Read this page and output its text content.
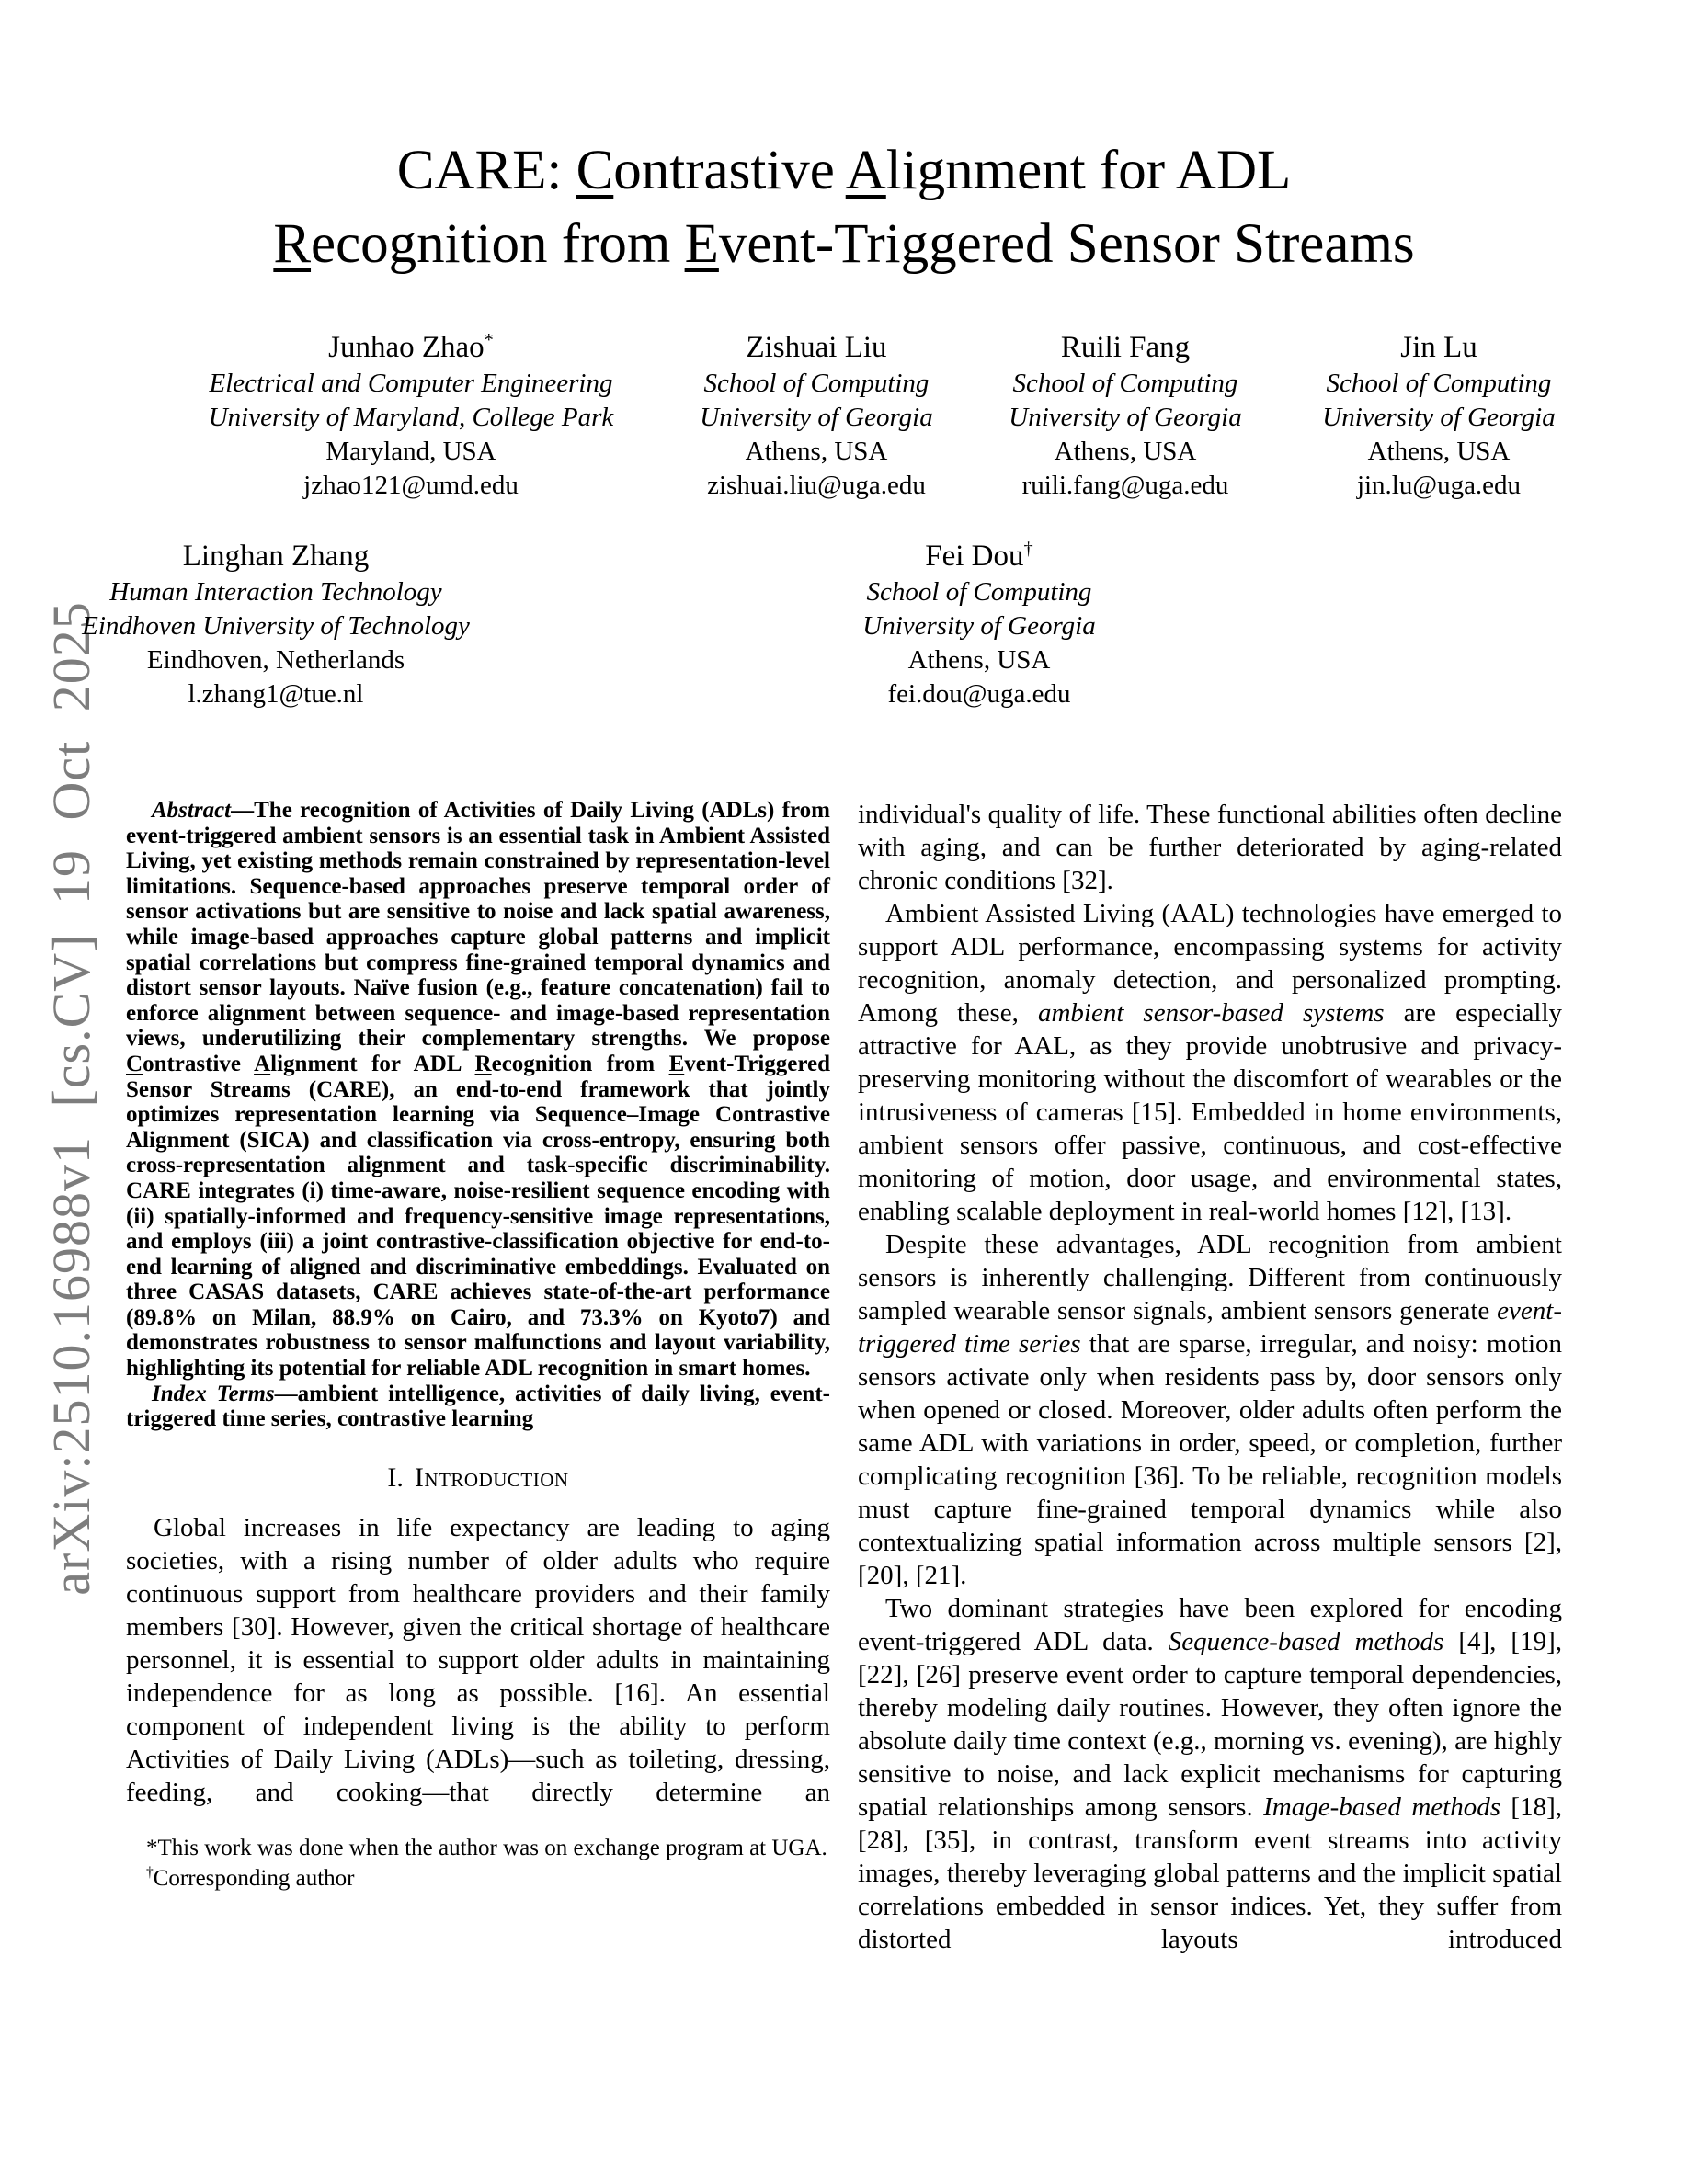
arXiv:2510.16988v1 [cs.CV] 19 Oct 2025
CARE: Contrastive Alignment for ADL
Recognition from Event-Triggered Sensor Streams
Junhao Zhao*
Electrical and Computer Engineering
University of Maryland, College Park
Maryland, USA
jzhao121@umd.edu
Zishuai Liu
School of Computing
University of Georgia
Athens, USA
zishuai.liu@uga.edu
Ruili Fang
School of Computing
University of Georgia
Athens, USA
ruili.fang@uga.edu
Jin Lu
School of Computing
University of Georgia
Athens, USA
jin.lu@uga.edu
Linghan Zhang
Human Interaction Technology
Eindhoven University of Technology
Eindhoven, Netherlands
l.zhang1@tue.nl
Fei Dou†
School of Computing
University of Georgia
Athens, USA
fei.dou@uga.edu

Abstract—The recognition of Activities of Daily Living (ADLs) from event-triggered ambient sensors is an essential task in Ambient Assisted Living, yet existing methods remain constrained by representation-level limitations. Sequence-based approaches preserve temporal order of sensor activations but are sensitive to noise and lack spatial awareness, while image-based approaches capture global patterns and implicit spatial correlations but compress fine-grained temporal dynamics and distort sensor layouts. Naïve fusion (e.g., feature concatenation) fail to enforce alignment between sequence- and image-based representation views, underutilizing their complementary strengths. We propose Contrastive Alignment for ADL Recognition from Event-Triggered Sensor Streams (CARE), an end-to-end framework that jointly optimizes representation learning via Sequence–Image Contrastive Alignment (SICA) and classification via cross-entropy, ensuring both cross-representation alignment and task-specific discriminability. CARE integrates (i) time-aware, noise-resilient sequence encoding with (ii) spatially-informed and frequency-sensitive image representations, and employs (iii) a joint contrastive-classification objective for end-to-end learning of aligned and discriminative embeddings. Evaluated on three CASAS datasets, CARE achieves state-of-the-art performance (89.8% on Milan, 88.9% on Cairo, and 73.3% on Kyoto7) and demonstrates robustness to sensor malfunctions and layout variability, highlighting its potential for reliable ADL recognition in smart homes.

Index Terms—ambient intelligence, activities of daily living, event-triggered time series, contrastive learning

I. Introduction

Global increases in life expectancy are leading to aging societies, with a rising number of older adults who require continuous support from healthcare providers and their family members [30]. However, given the critical shortage of healthcare personnel, it is essential to support older adults in maintaining independence for as long as possible. [16]. An essential component of independent living is the ability to perform Activities of Daily Living (ADLs)—such as toileting, dressing, feeding, and cooking—that directly determine an

*This work was done when the author was on exchange program at UGA.

†Corresponding author

individual's quality of life. These functional abilities often decline with aging, and can be further deteriorated by aging-related chronic conditions [32].

Ambient Assisted Living (AAL) technologies have emerged to support ADL performance, encompassing systems for activity recognition, anomaly detection, and personalized prompting. Among these, ambient sensor-based systems are especially attractive for AAL, as they provide unobtrusive and privacy-preserving monitoring without the discomfort of wearables or the intrusiveness of cameras [15]. Embedded in home environments, ambient sensors offer passive, continuous, and cost-effective monitoring of motion, door usage, and environmental states, enabling scalable deployment in real-world homes [12], [13].

Despite these advantages, ADL recognition from ambient sensors is inherently challenging. Different from continuously sampled wearable sensor signals, ambient sensors generate event-triggered time series that are sparse, irregular, and noisy: motion sensors activate only when residents pass by, door sensors only when opened or closed. Moreover, older adults often perform the same ADL with variations in order, speed, or completion, further complicating recognition [36]. To be reliable, recognition models must capture fine-grained temporal dynamics while also contextualizing spatial information across multiple sensors [2], [20], [21].

Two dominant strategies have been explored for encoding event-triggered ADL data. Sequence-based methods [4], [19], [22], [26] preserve event order to capture temporal dependencies, thereby modeling daily routines. However, they often ignore the absolute daily time context (e.g., morning vs. evening), are highly sensitive to noise, and lack explicit mechanisms for capturing spatial relationships among sensors. Image-based methods [18], [28], [35], in contrast, transform event streams into activity images, thereby leveraging global patterns and the implicit spatial correlations embedded in sensor indices. Yet, they suffer from distorted layouts introduced
